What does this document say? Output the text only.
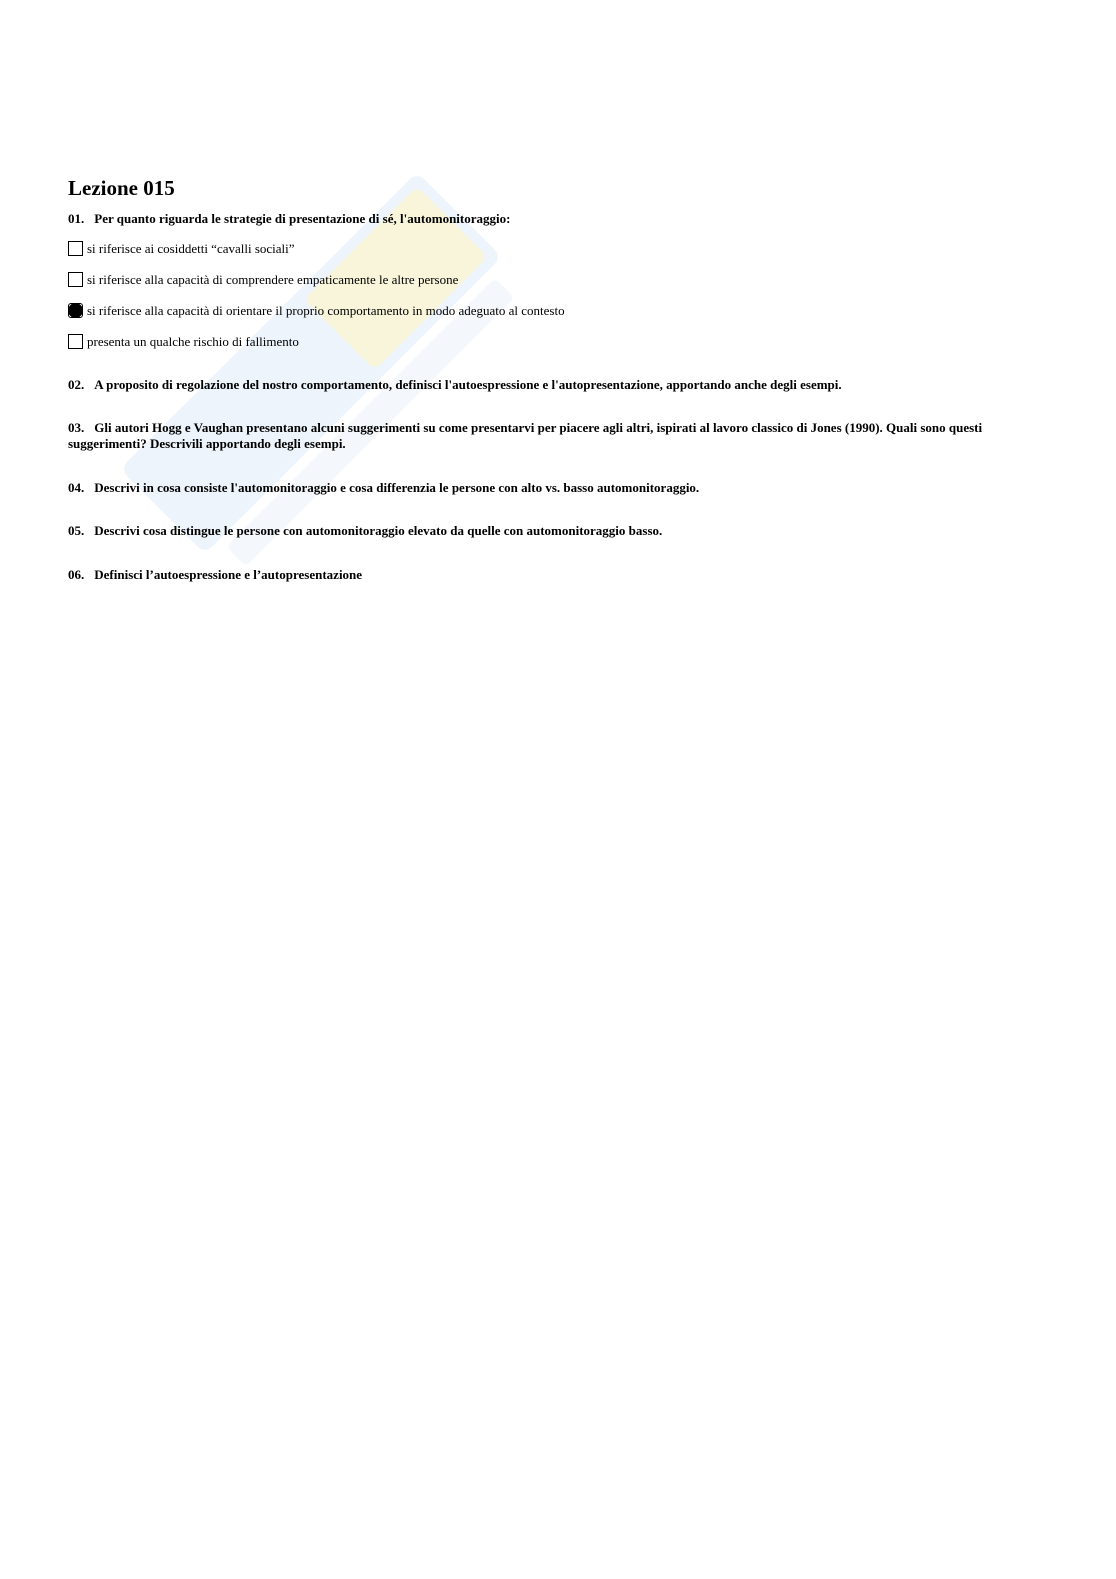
Lezione 015
01. Per quanto riguarda le strategie di presentazione di sé, l'automonitoraggio:
si riferisce ai cosiddetti “cavalli sociali”
si riferisce alla capacità di comprendere empaticamente le altre persone
si riferisce alla capacità di orientare il proprio comportamento in modo adeguato al contesto
presenta un qualche rischio di fallimento
02. A proposito di regolazione del nostro comportamento, definisci l'autoespressione e l'autopresentazione, apportando anche degli esempi.
03. Gli autori Hogg e Vaughan presentano alcuni suggerimenti su come presentarvi per piacere agli altri, ispirati al lavoro classico di Jones (1990). Quali sono questi suggerimenti? Descrivili apportando degli esempi.
04. Descrivi in cosa consiste l'automonitoraggio e cosa differenzia le persone con alto vs. basso automonitoraggio.
05. Descrivi cosa distingue le persone con automonitoraggio elevato da quelle con automonitoraggio basso.
06. Definisci l’autoespressione e l’autopresentazione
